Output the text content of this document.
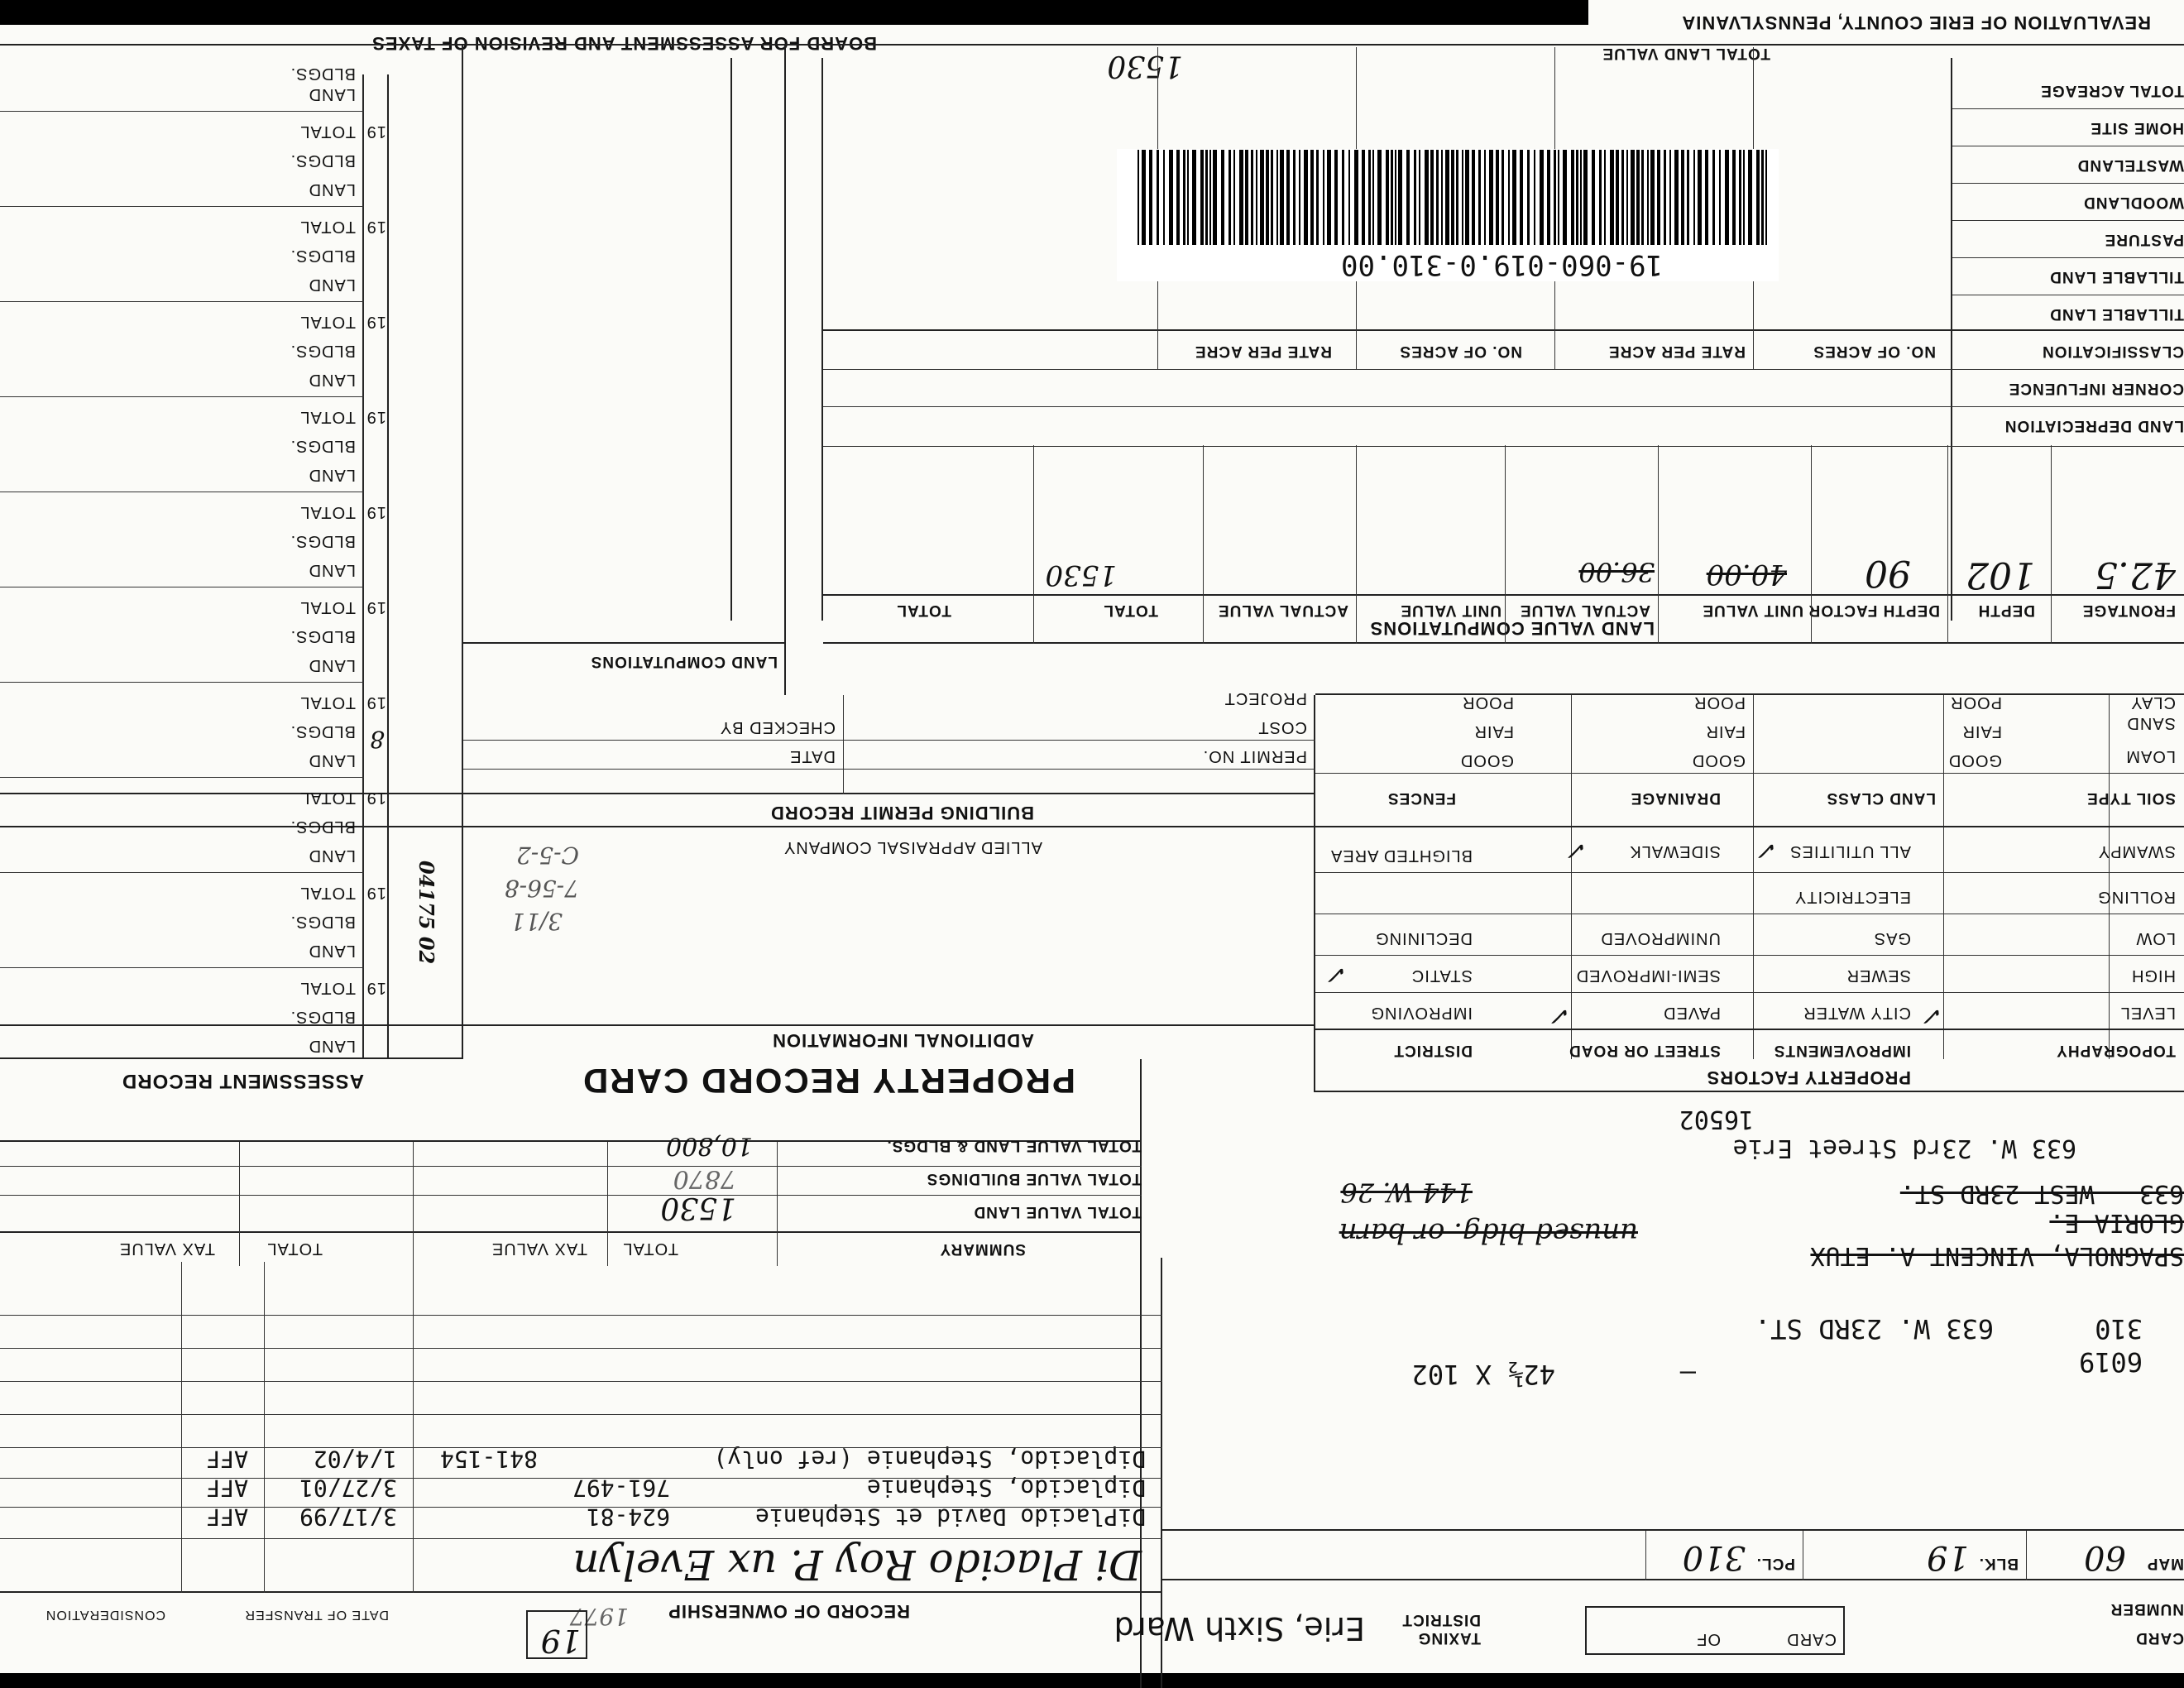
REVALUATION OF ERIE COUNTY, PENNSYLVANIA
BOARD FOR ASSESSMENT AND REVISION OF TAXES	TOTAL LAND VALUE
1530
TOTAL ACREAGE
HOME SITE
WASTELAND
WOODLAND
PASTURE
TILLABLE LAND
TILLABLE LAND
CLASSIFICATION
CORNER INFLUENCE
LAND DEPRECIATION
NO. OF ACRES
RATE PER ACRE
NO. OF ACRES
RATE PER ACRE
19-060-019.0-310.00
LAND VALUE COMPUTATIONS
FRONTAGE
DEPTH
DEPTH FACTOR
UNIT VALUE
ACTUAL VALUE
UNIT VALUE
ACTUAL VALUE
TOTAL
TOTAL
42.5
102
90
40.00
36.00
1530
LAND COMPUTATIONS
SOIL TYPE
LOAM
SAND
CLAY
GOOD
FAIR
POOR
GOOD
FAIR
POOR
GOOD
FAIR
POOR
LAND CLASS
DRAINAGE
FENCES
LEVEL
HIGH
LOW
ROLLING
SWAMPY
TOPOGRAPHY
IMPROVEMENTS
STREET OR ROAD
DISTRICT
CITY WATER
SEWER
GAS
ELECTRICITY
ALL UTILITIES
PAVED
SEMI-IMPROVED
UNIMPROVED
SIDEWALK
IMPROVING
STATIC
DECLINING
BLIGHTED AREA
✓
✓
✓
✓
✓
PROPERTY FACTORS
BUILDING PERMIT RECORD
PERMIT NO.
DATE
COST
CHECKED BY
PROJECT
ADDITIONAL INFORMATION
ALLIED APPRAISAL COMPANY
C-5-2
7-56-8
3/11
PROPERTY RECORD CARD
ASSESSMENT RECORD
LAND
BLDGS.
TOTAL 19
LAND
BLDGS.
TOTAL 19
LAND
BLDGS.
TOTAL 19
LAND
BLDGS.
TOTAL 19
LAND
BLDGS.
TOTAL 19
LAND
BLDGS.
TOTAL 19
LAND
BLDGS.
TOTAL 19
LAND
BLDGS.
TOTAL 19
LAND
BLDGS.
TOTAL 19
LAND
BLDGS.
TOTAL 19
LAND
BLDGS.
04175 02
8
SUMMARY
TOTAL VALUE LAND
TOTAL VALUE BUILDINGS
TOTAL VALUE LAND & BLDGS.
TOTAL
TAX VALUE
TOTAL
TAX VALUE
1530
7870
10,800
SPAGNOLA, VINCENT A. ETUX
GLORIA E.
633 - WEST 23RD ST.
unused bldg. or barn
144 W. 26
633 W. 23rd Street Erie
16502
310
633 W. 23RD ST.
6019
42½ X 102	—
RECORD OF OWNERSHIP
1977
DATE OF TRANSFER
CONSIDERATION
Di Placido Roy P. ux Evelyn
DiPlacido David et Stephanie
624-81
3/17/99
AFF
Diplacido, Stephanie
761-497
3/27/01
AFF
Diplacido, Stephanie (ref only)
841-154
1/4/02
AFF
MAP
60
BLK.
19
PCL.
310
NUMBER
CARD
CARD
OF
TAXING DISTRICT
Erie, Sixth Ward
19
